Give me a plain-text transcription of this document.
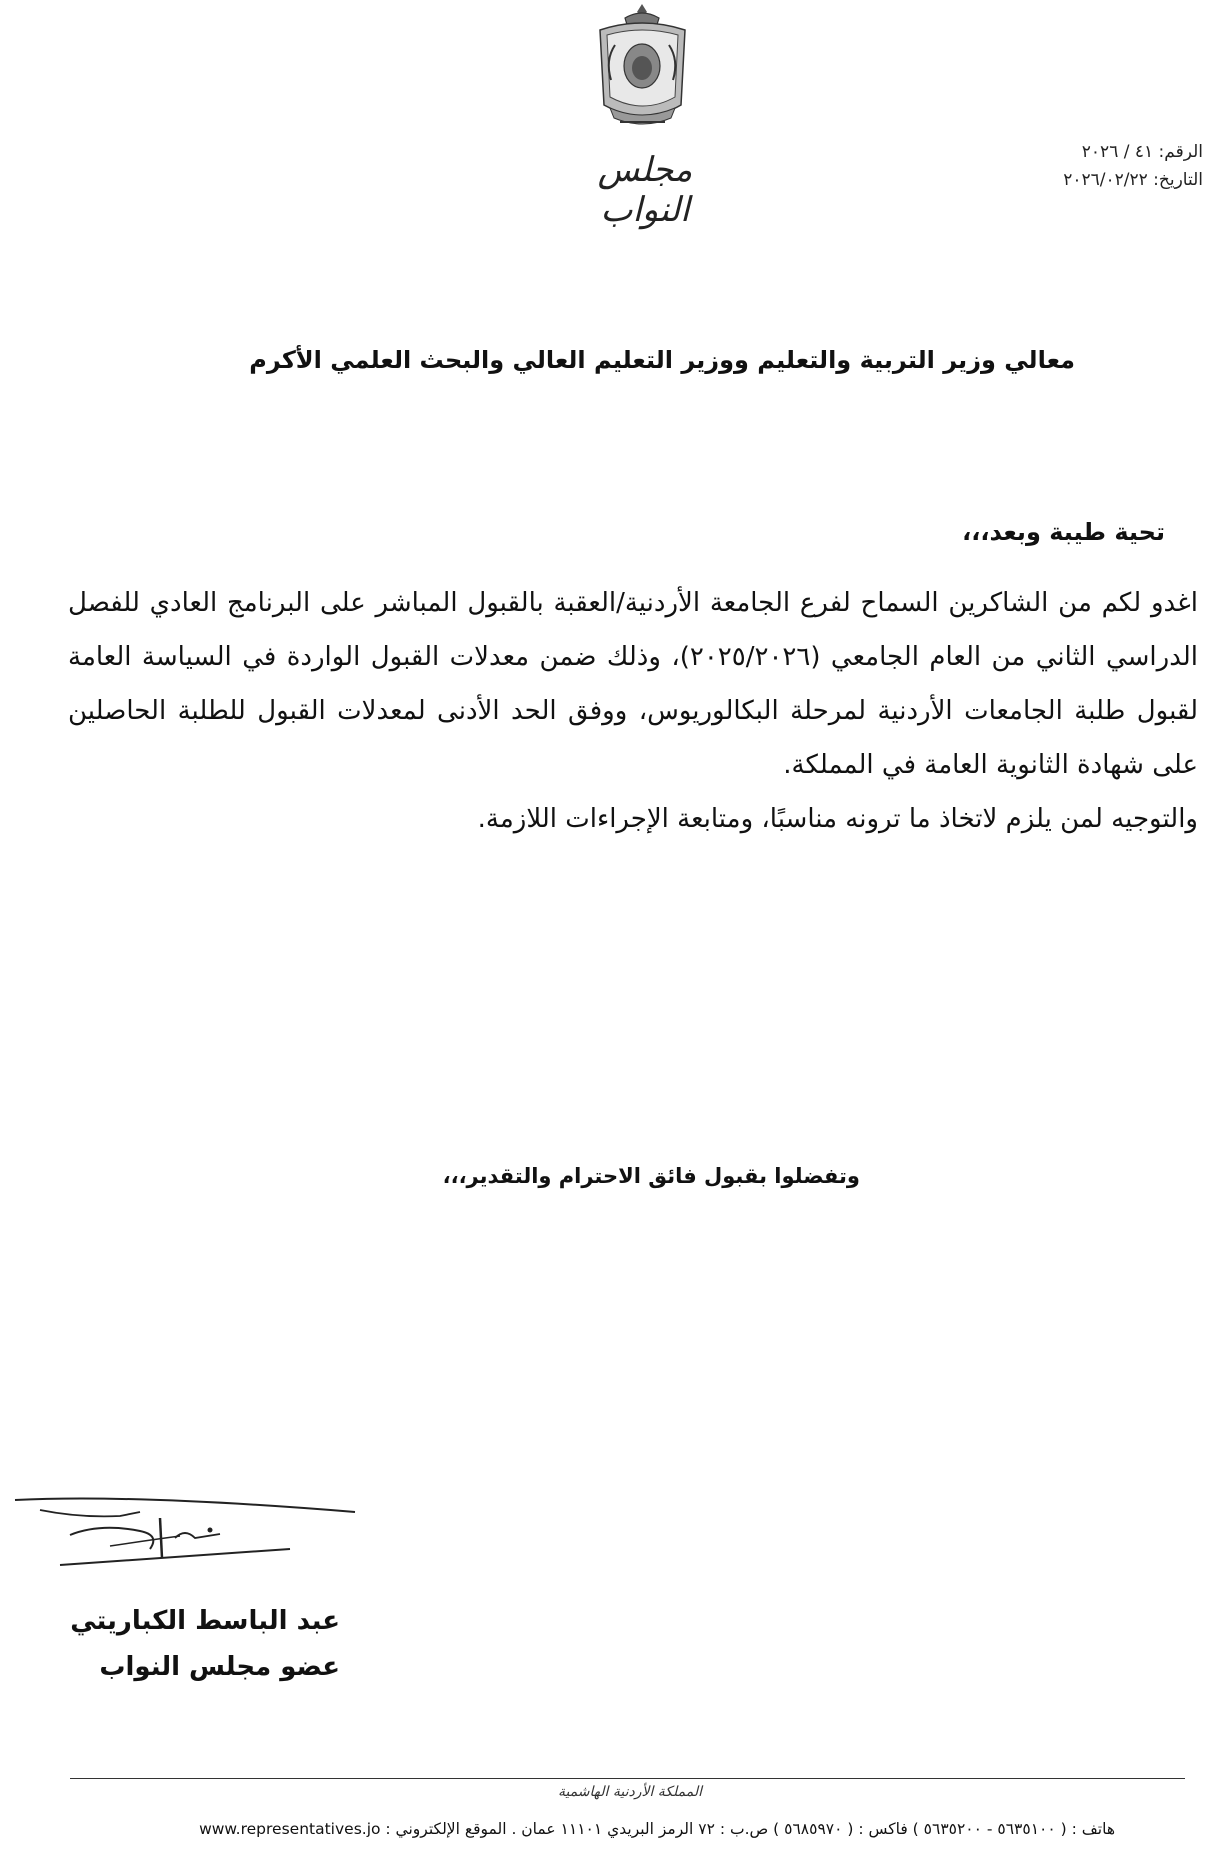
مجلس النواب
الرقم: ٤١ / ٢٠٢٦
التاريخ: ٢٠٢٦/٠٢/٢٢
معالي وزير التربية والتعليم ووزير التعليم العالي والبحث العلمي الأكرم
تحية طيبة وبعد،،،

اغدو لكم من الشاكرين السماح لفرع الجامعة الأردنية/العقبة بالقبول المباشر على البرنامج العادي للفصل الدراسي الثاني من العام الجامعي (٢٠٢٥/٢٠٢٦)، وذلك ضمن معدلات القبول الواردة في السياسة العامة لقبول طلبة الجامعات الأردنية لمرحلة البكالوريوس، ووفق الحد الأدنى لمعدلات القبول للطلبة الحاصلين على شهادة الثانوية العامة في المملكة.

والتوجيه لمن يلزم لاتخاذ ما ترونه مناسبًا، ومتابعة الإجراءات اللازمة.

وتفضلوا بقبول فائق الاحترام والتقدير،،،
عبد الباسط الكباريتي
عضو مجلس النواب
المملكة الأردنية الهاشمية
هاتف : ( ٥٦٣٥١٠٠ - ٥٦٣٥٢٠٠ ) فاكس : ( ٥٦٨٥٩٧٠ ) ص.ب : ٧٢ الرمز البريدي ١١١٠١ عمان . الموقع الإلكتروني : www.representatives.jo
